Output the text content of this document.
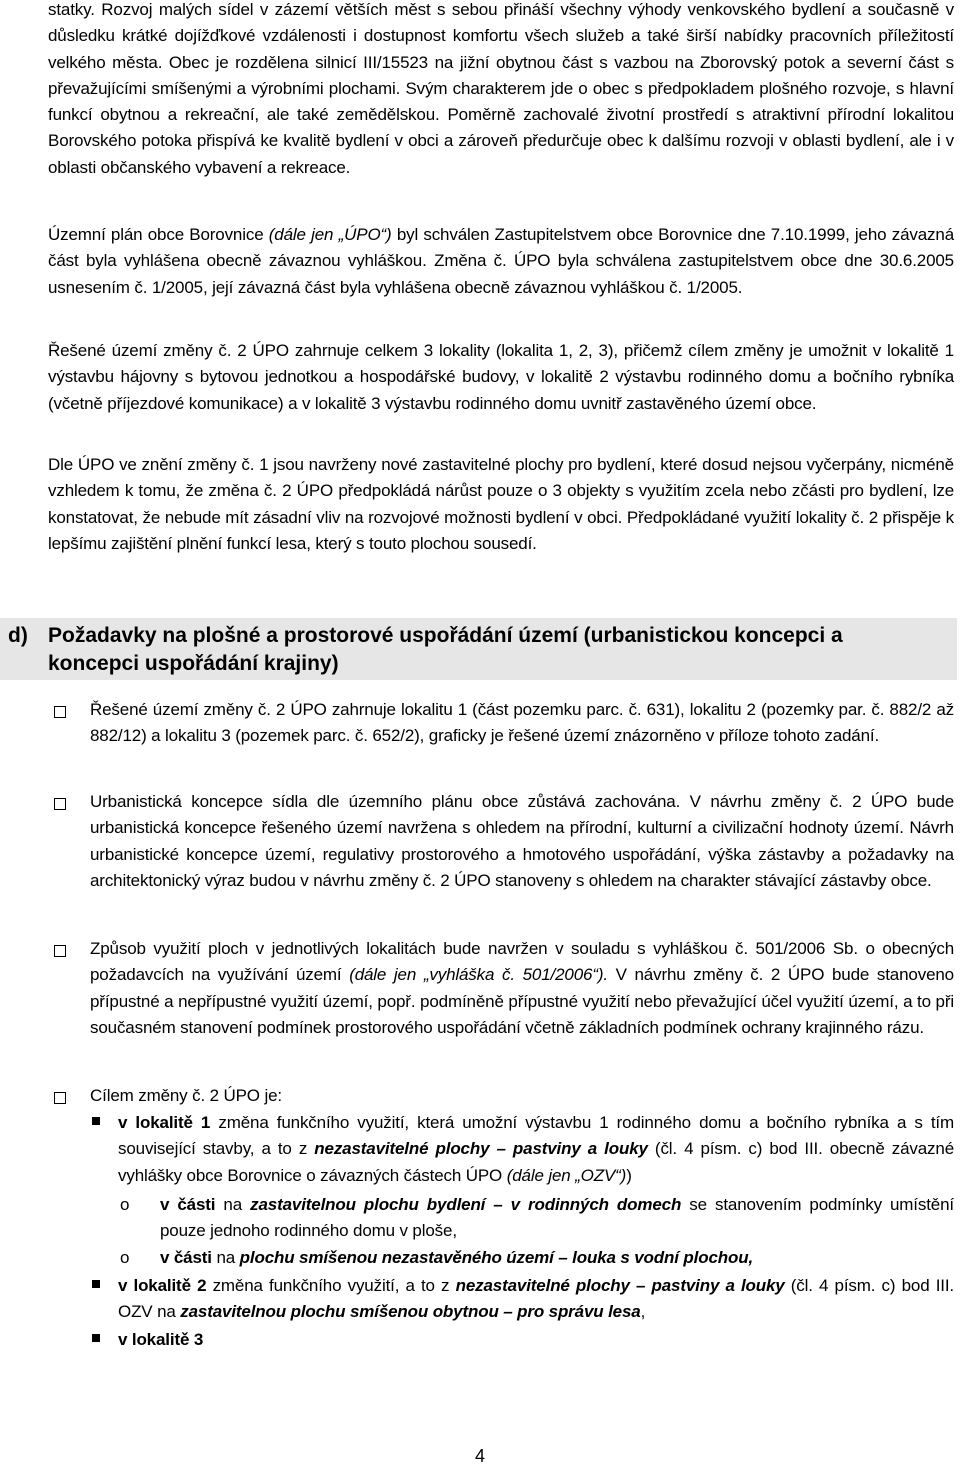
statky. Rozvoj malých sídel v zázemí větších měst s sebou přináší všechny výhody venkovského bydlení a současně v důsledku krátké dojížďkové vzdálenosti i dostupnost komfortu všech služeb a také širší nabídky pracovních příležitostí velkého města. Obec je rozdělena silnicí III/15523 na jižní obytnou část s vazbou na Zborovský potok a severní část s převažujícími smíšenými a výrobními plochami. Svým charakterem jde o obec s předpokladem plošného rozvoje, s hlavní funkcí obytnou a rekreační, ale také zemědělskou. Poměrně zachovalé životní prostředí s atraktivní přírodní lokalitou Borovského potoka přispívá ke kvalitě bydlení v obci a zároveň předurčuje obec k dalšímu rozvoji v oblasti bydlení, ale i v oblasti občanského vybavení a rekreace.
Územní plán obce Borovnice (dále jen „ÚPO“) byl schválen Zastupitelstvem obce Borovnice dne 7.10.1999, jeho závazná část byla vyhlášena obecně závaznou vyhláškou. Změna č. ÚPO byla schválena zastupitelstvem obce dne 30.6.2005 usnesením č. 1/2005, její závazná část byla vyhlášena obecně závaznou vyhláškou č. 1/2005.
Řešené území změny č. 2 ÚPO zahrnuje celkem 3 lokality (lokalita 1, 2, 3), přičemž cílem změny je umožnit v lokalitě 1 výstavbu hájovny s bytovou jednotkou a hospodářské budovy, v lokalitě 2 výstavbu rodinného domu a bočního rybníka (včetně příjezdové komunikace) a v lokalitě 3 výstavbu rodinného domu uvnitř zastavěného území obce.
Dle ÚPO ve znění změny č. 1 jsou navrženy nové zastavitelné plochy pro bydlení, které dosud nejsou vyčerpány, nicméně vzhledem k tomu, že změna č. 2 ÚPO předpokládá nárůst pouze o 3 objekty s využitím zcela nebo zčásti pro bydlení, lze konstatovat, že nebude mít zásadní vliv na rozvojové možnosti bydlení v obci. Předpokládané využití lokality č. 2 přispěje k lepšímu zajištění plnění funkcí lesa, který s touto plochou sousedí.
d) Požadavky na plošné a prostorové uspořádání území (urbanistickou koncepci a koncepci uspořádání krajiny)
Řešené území změny č. 2 ÚPO zahrnuje lokalitu 1 (část pozemku parc. č. 631), lokalitu 2 (pozemky par. č. 882/2 až 882/12) a lokalitu 3 (pozemek parc. č. 652/2), graficky je řešené území znázorněno v příloze tohoto zadání.
Urbanistická koncepce sídla dle územního plánu obce zůstává zachována. V návrhu změny č. 2 ÚPO bude urbanistická koncepce řešeného území navržena s ohledem na přírodní, kulturní a civilizační hodnoty území. Návrh urbanistické koncepce území, regulativy prostorového a hmotového uspořádání, výška zástavby a požadavky na architektonický výraz budou v návrhu změny č. 2 ÚPO stanoveny s ohledem na charakter stávající zástavby obce.
Způsob využití ploch v jednotlivých lokalitách bude navržen v souladu s vyhláškou č. 501/2006 Sb. o obecných požadavcích na využívání území (dále jen „vyhláška č. 501/2006“). V návrhu změny č. 2 ÚPO bude stanoveno přípustné a nepřípustné využití území, popř. podmíněně přípustné využití nebo převažující účel využití území, a to při současném stanovení podmínek prostorového uspořádání včetně základních podmínek ochrany krajinného rázu.
Cílem změny č. 2 ÚPO je:
v lokalitě 1 změna funkčního využití, která umožní výstavbu 1 rodinného domu a bočního rybníka a s tím související stavby, a to z nezastavitelné plochy – pastviny a louky (čl. 4 písm. c) bod III. obecně závazné vyhlášky obce Borovnice o závazných částech ÚPO (dále jen „OZV“))
o v části na zastavitelnou plochu bydlení – v rodinných domech se stanovením podmínky umístění pouze jednoho rodinného domu v ploše,
o v části na plochu smíšenou nezastavěného území – louka s vodní plochou,
v lokalitě 2 změna funkčního využití, a to z nezastavitelné plochy – pastviny a louky (čl. 4 písm. c) bod III. OZV na zastavitelnou plochu smíšenou obytnou – pro správu lesa,
v lokalitě 3
4
